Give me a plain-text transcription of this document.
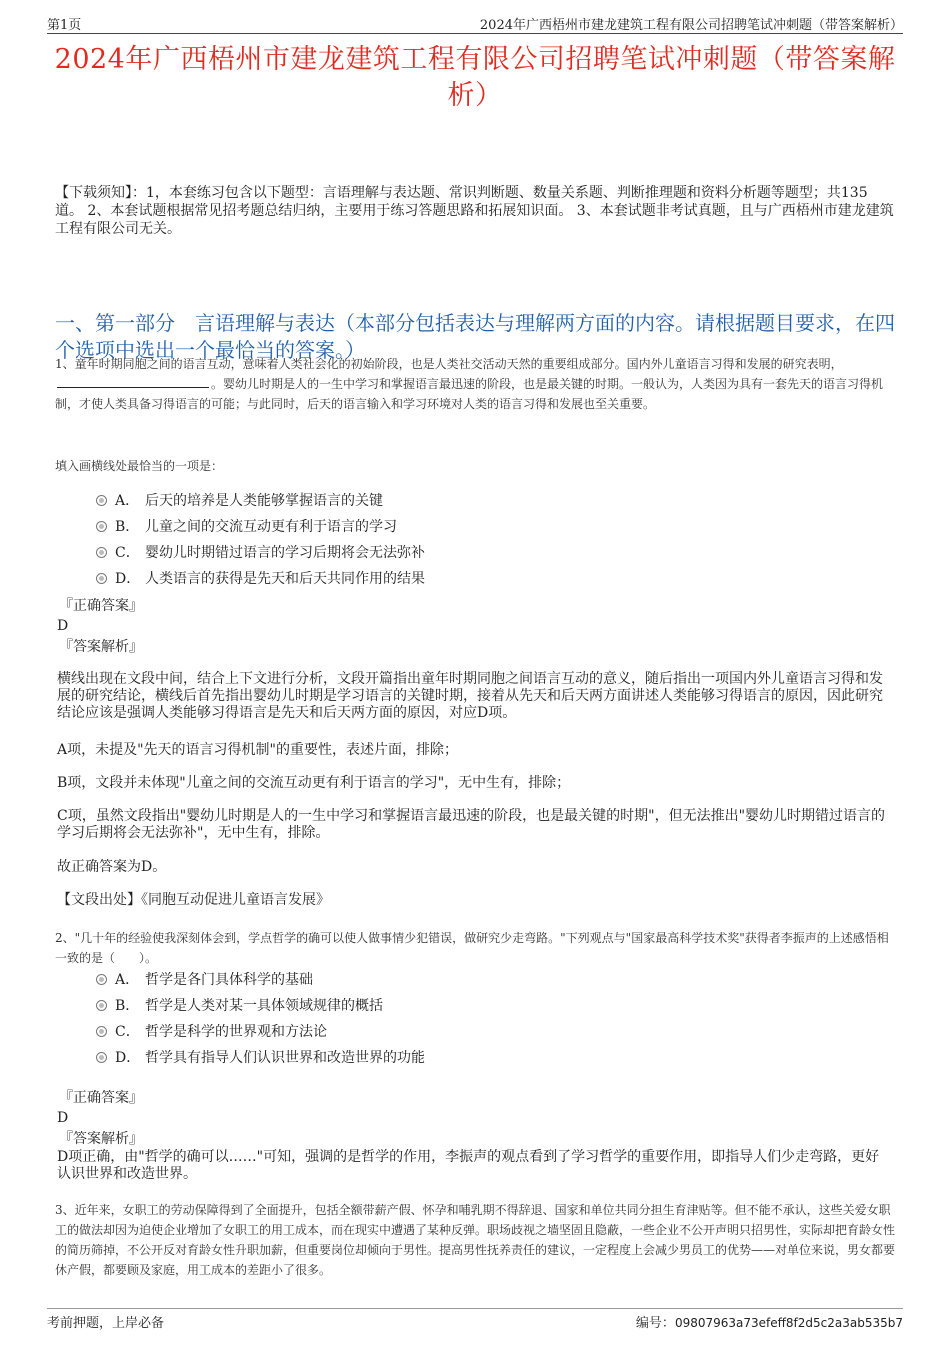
第1页	2024年广西梧州市建龙建筑工程有限公司招聘笔试冲刺题（带答案解析）
2024年广西梧州市建龙建筑工程有限公司招聘笔试冲刺题（带答案解析）
【下载须知】：1，本套练习包含以下题型：言语理解与表达题、常识判断题、数量关系题、判断推理题和资料分析题等题型；共135道。 2、本套试题根据常见招考题总结归纳，主要用于练习答题思路和拓展知识面。 3、本套试题非考试真题，且与广西梧州市建龙建筑工程有限公司无关。
一、第一部分　言语理解与表达（本部分包括表达与理解两方面的内容。请根据题目要求，在四个选项中选出一个最恰当的答案。）
1、童年时期同胞之间的语言互动，意味着人类社会化的初始阶段，也是人类社交活动天然的重要组成部分。国内外儿童语言习得和发展的研究表明，。婴幼儿时期是人的一生中学习和掌握语言最迅速的阶段，也是最关键的时期。一般认为，人类因为具有一套先天的语言习得机制，才使人类具备习得语言的可能；与此同时，后天的语言输入和学习环境对人类的语言习得和发展也至关重要。
填入画横线处最恰当的一项是：
A． 后天的培养是人类能够掌握语言的关键
B． 儿童之间的交流互动更有利于语言的学习
C． 婴幼儿时期错过语言的学习后期将会无法弥补
D． 人类语言的获得是先天和后天共同作用的结果
『正确答案』
D
『答案解析』
横线出现在文段中间，结合上下文进行分析，文段开篇指出童年时期同胞之间语言互动的意义，随后指出一项国内外儿童语言习得和发展的研究结论，横线后首先指出婴幼儿时期是学习语言的关键时期，接着从先天和后天两方面讲述人类能够习得语言的原因，因此研究结论应该是强调人类能够习得语言是先天和后天两方面的原因，对应D项。
A项，未提及"先天的语言习得机制"的重要性，表述片面，排除；
B项，文段并未体现"儿童之间的交流互动更有利于语言的学习"，无中生有，排除；
C项，虽然文段指出"婴幼儿时期是人的一生中学习和掌握语言最迅速的阶段，也是最关键的时期"，但无法推出"婴幼儿时期错过语言的学习后期将会无法弥补"，无中生有，排除。
故正确答案为D。
【文段出处】《同胞互动促进儿童语言发展》
2、"几十年的经验使我深刻体会到，学点哲学的确可以使人做事情少犯错误，做研究少走弯路。"下列观点与"国家最高科学技术奖"获得者李振声的上述感悟相一致的是（　　）。
A． 哲学是各门具体科学的基础
B． 哲学是人类对某一具体领域规律的概括
C． 哲学是科学的世界观和方法论
D． 哲学具有指导人们认识世界和改造世界的功能
『正确答案』
D
『答案解析』
D项正确，由"哲学的确可以……"可知，强调的是哲学的作用，李振声的观点看到了学习哲学的重要作用，即指导人们少走弯路，更好认识世界和改造世界。
3、近年来，女职工的劳动保障得到了全面提升，包括全额带薪产假、怀孕和哺乳期不得辞退、国家和单位共同分担生育津贴等。但不能不承认，这些关爱女职工的做法却因为迫使企业增加了女职工的用工成本，而在现实中遭遇了某种反弹。职场歧视之墙坚固且隐蔽，一些企业不公开声明只招男性，实际却把育龄女性的简历筛掉，不公开反对育龄女性升职加薪，但重要岗位却倾向于男性。提高男性抚养责任的建议，一定程度上会减少男员工的优势——对单位来说，男女都要休产假，都要顾及家庭，用工成本的差距小了很多。
考前押题，上岸必备	编号：09807963a73efeff8f2d5c2a3ab535b7
